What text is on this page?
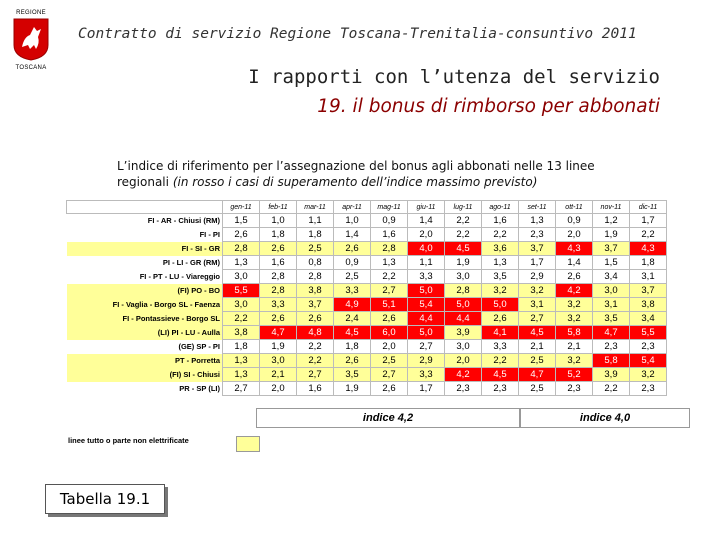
REGIONE
TOSCANA
Contratto di servizio Regione Toscana-Trenitalia-consuntivo 2011
I rapporti con l’utenza del servizio
19. il bonus di rimborso per abbonati
L’indice di riferimento per l’assegnazione del bonus agli abbonati nelle 13 linee regionali (in rosso i casi di superamento dell’indice massimo previsto)
	gen-11	feb-11	mar-11	apr-11	mag-11	giu-11	lug-11	ago-11	set-11	ott-11	nov-11	dic-11
FI - AR - Chiusi (RM)	1,5	1,0	1,1	1,0	0,9	1,4	2,2	1,6	1,3	0,9	1,2	1,7
FI - PI	2,6	1,8	1,8	1,4	1,6	2,0	2,2	2,2	2,3	2,0	1,9	2,2
FI - SI - GR	2,8	2,6	2,5	2,6	2,8	4,0	4,5	3,6	3,7	4,3	3,7	4,3
PI - LI - GR (RM)	1,3	1,6	0,8	0,9	1,3	1,1	1,9	1,3	1,7	1,4	1,5	1,8
FI - PT - LU - Viareggio	3,0	2,8	2,8	2,5	2,2	3,3	3,0	3,5	2,9	2,6	3,4	3,1
(FI) PO - BO	5,5	2,8	3,8	3,3	2,7	5,0	2,8	3,2	3,2	4,2	3,0	3,7
FI - Vaglia - Borgo SL - Faenza	3,0	3,3	3,7	4,9	5,1	5,4	5,0	5,0	3,1	3,2	3,1	3,8
FI - Pontassieve - Borgo SL	2,2	2,6	2,6	2,4	2,6	4,4	4,4	2,6	2,7	3,2	3,5	3,4
(LI) PI - LU - Aulla	3,8	4,7	4,8	4,5	6,0	5,0	3,9	4,1	4,5	5,8	4,7	5,5
(GE) SP - PI	1,8	1,9	2,2	1,8	2,0	2,7	3,0	3,3	2,1	2,1	2,3	2,3
PT - Porretta	1,3	3,0	2,2	2,6	2,5	2,9	2,0	2,2	2,5	3,2	5,8	5,4
(FI) SI - Chiusi	1,3	2,1	2,7	3,5	2,7	3,3	4,2	4,5	4,7	5,2	3,9	3,2
PR - SP (LI)	2,7	2,0	1,6	1,9	2,6	1,7	2,3	2,3	2,5	2,3	2,2	2,3
indice 4,2	indice 4,0
linee tutto o parte non elettrificate
Tabella 19.1
